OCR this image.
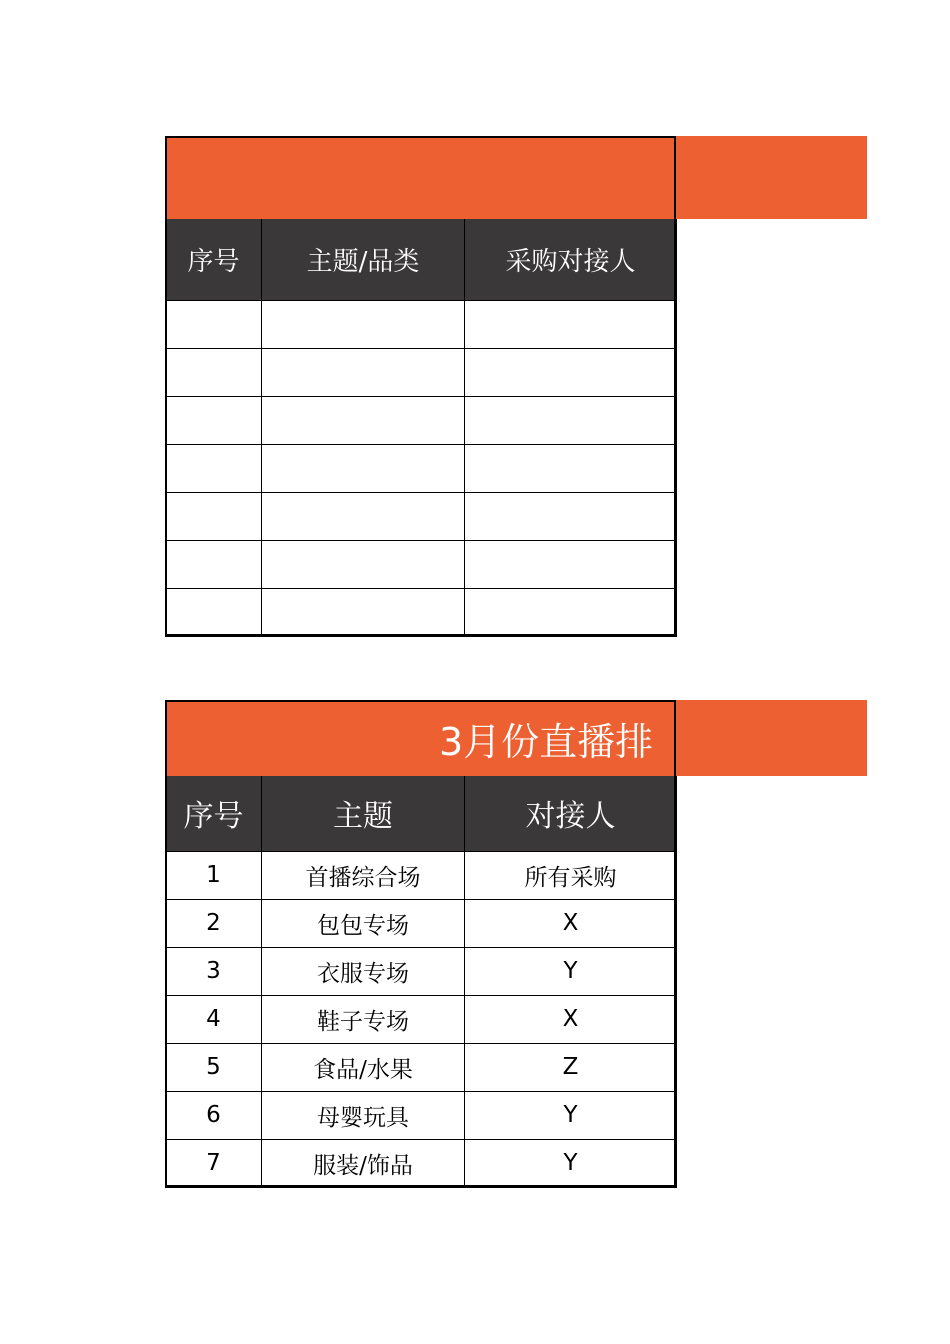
序号	主题/品类	采购对接人

3月份直播排
序号	主题	对接人
1	首播综合场	所有采购
2	包包专场	X
3	衣服专场	Y
4	鞋子专场	X
5	食品/水果	Z
6	母婴玩具	Y
7	服装/饰品	Y
